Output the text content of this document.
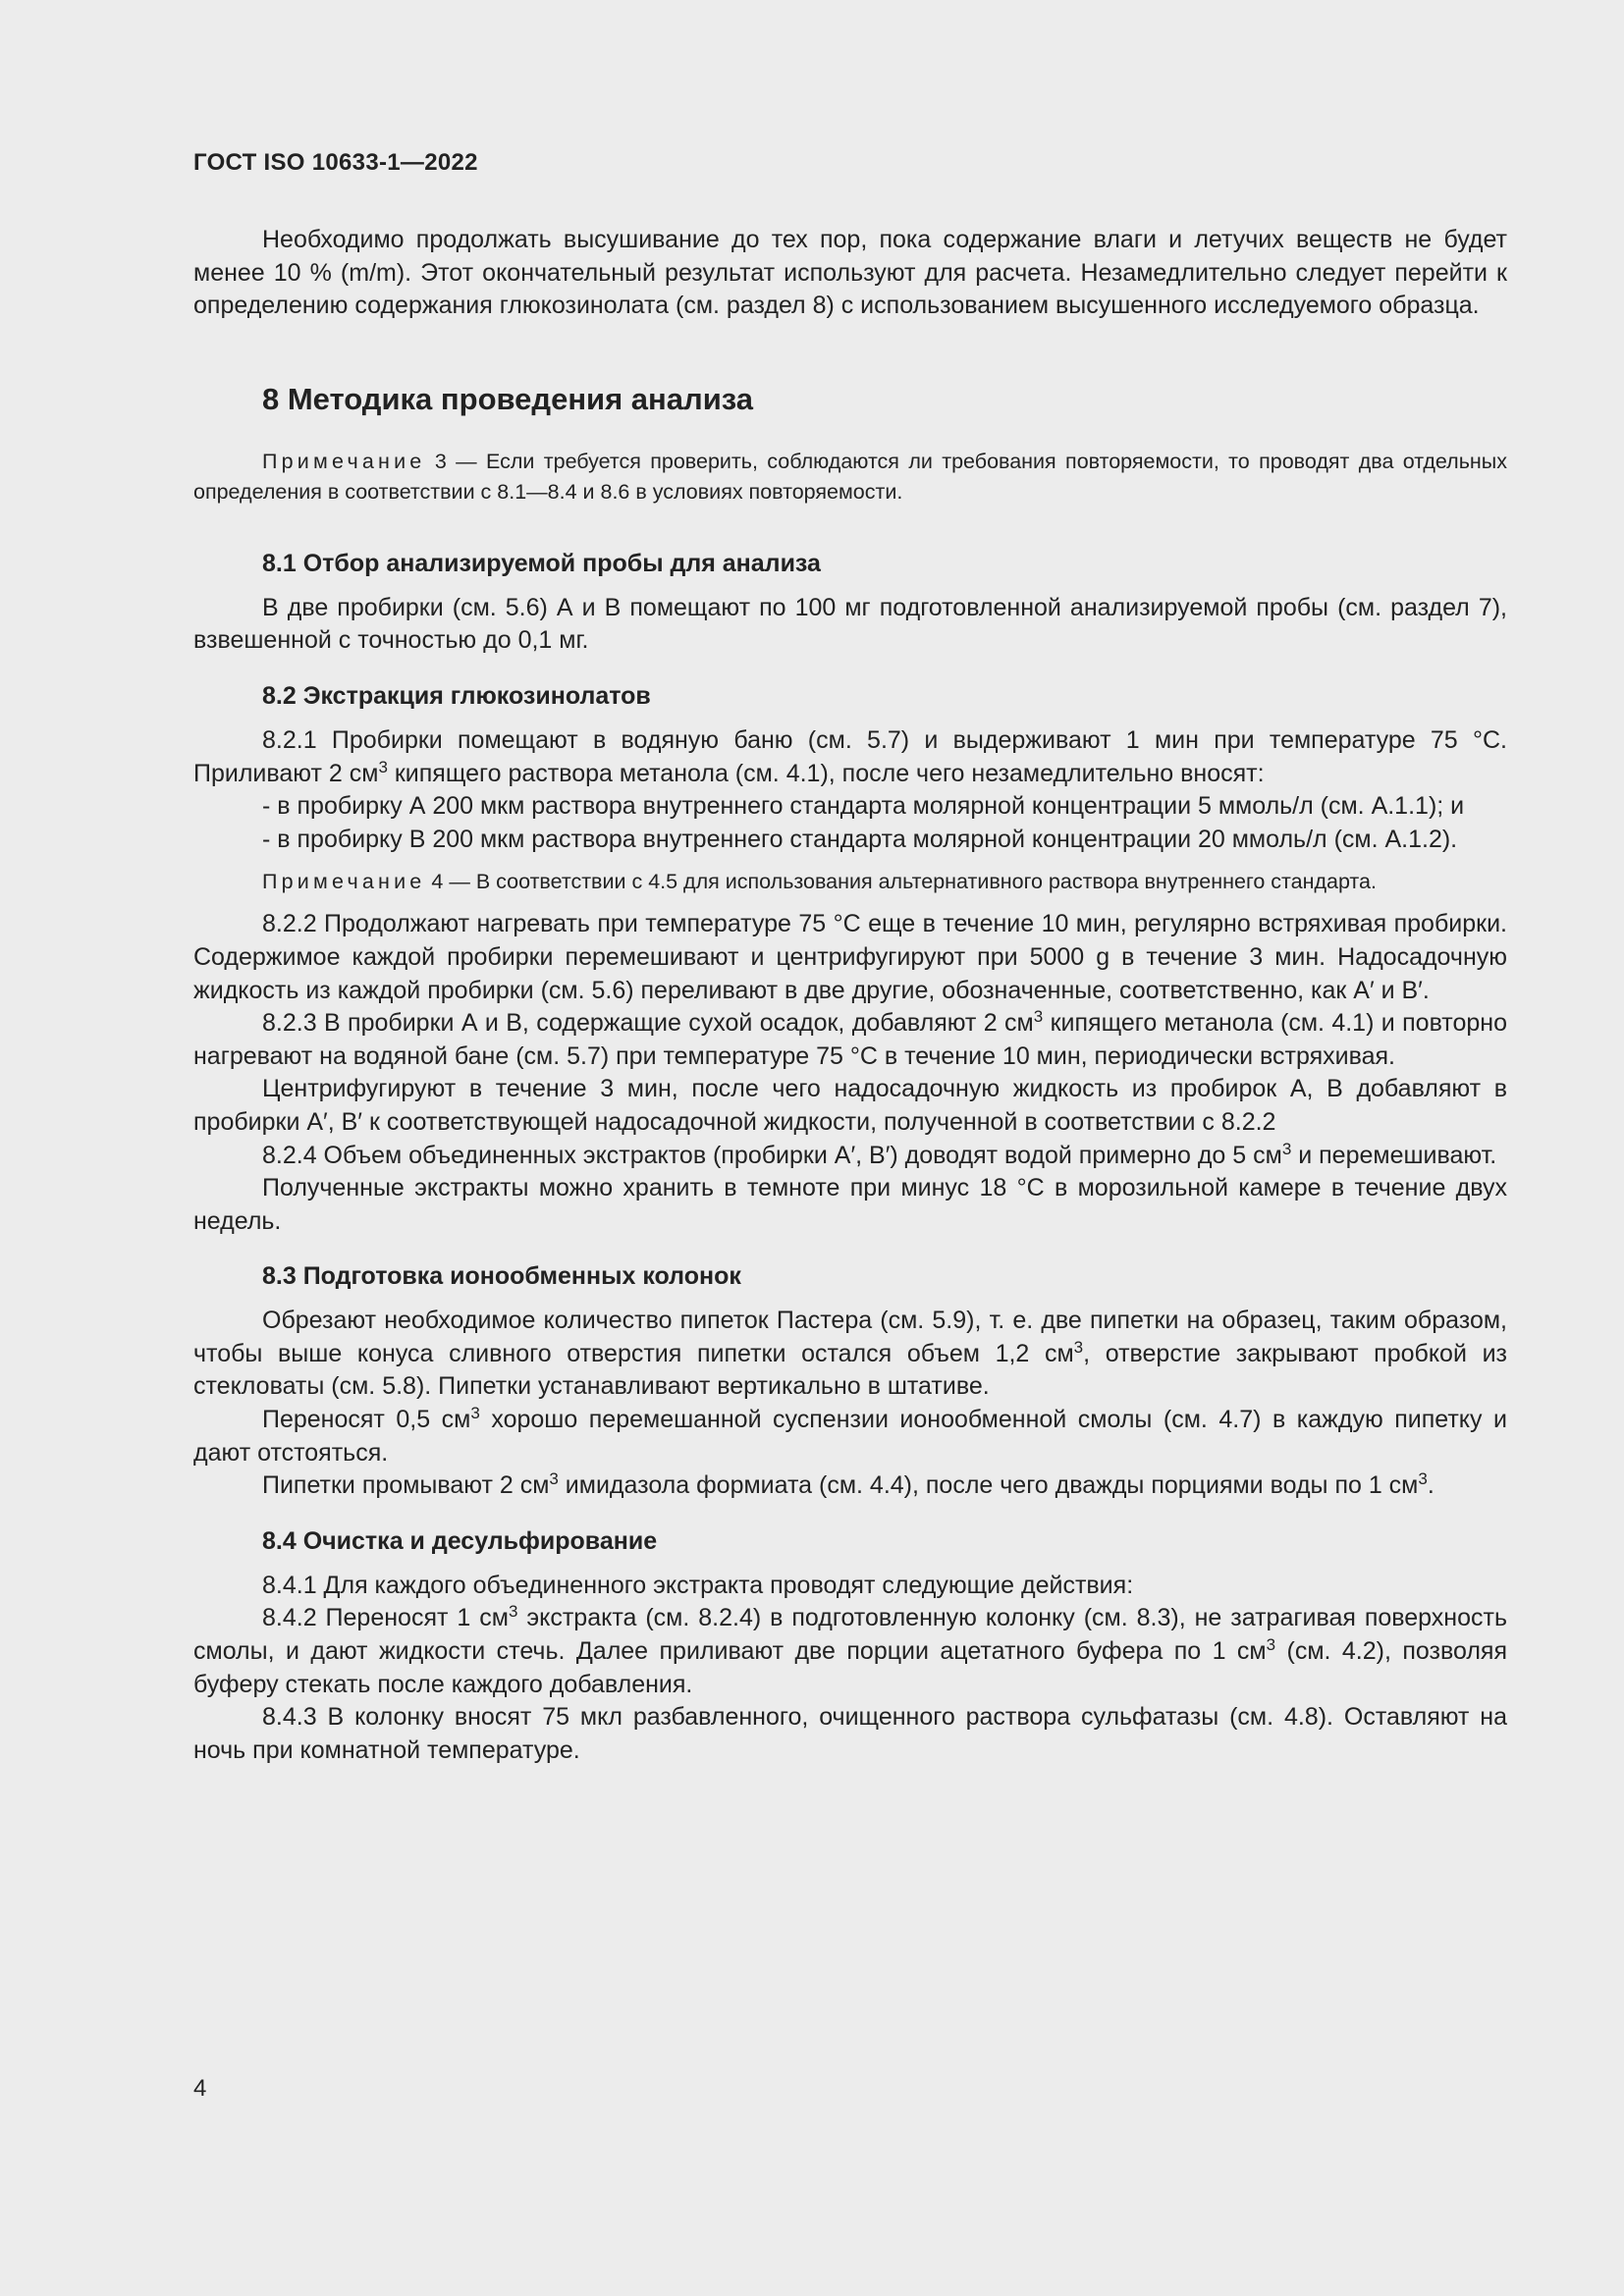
ГОСТ ISO 10633-1—2022

Необходимо продолжать высушивание до тех пор, пока содержание влаги и летучих веществ не будет менее 10 % (m/m). Этот окончательный результат используют для расчета. Незамедлительно следует перейти к определению содержания глюкозинолата (см. раздел 8) с использованием высушенного исследуемого образца.

8 Методика проведения анализа

Примечание 3 — Если требуется проверить, соблюдаются ли требования повторяемости, то проводят два отдельных определения в соответствии с 8.1—8.4 и 8.6 в условиях повторяемости.

8.1 Отбор анализируемой пробы для анализа

В две пробирки (см. 5.6) А и В помещают по 100 мг подготовленной анализируемой пробы (см. раздел 7), взвешенной с точностью до 0,1 мг.

8.2 Экстракция глюкозинолатов

8.2.1 Пробирки помещают в водяную баню (см. 5.7) и выдерживают 1 мин при температуре 75 °С. Приливают 2 $см^3$ кипящего раствора метанола (см. 4.1), после чего незамедлительно вносят:

- в пробирку А 200 мкм раствора внутреннего стандарта молярной концентрации 5 ммоль/л (см. А.1.1); и

- в пробирку В 200 мкм раствора внутреннего стандарта молярной концентрации 20 ммоль/л (см. А.1.2).

Примечание 4 — В соответствии с 4.5 для использования альтернативного раствора внутреннего стандарта.

8.2.2 Продолжают нагревать при температуре 75 °С еще в течение 10 мин, регулярно встряхивая пробирки. Содержимое каждой пробирки перемешивают и центрифугируют при 5000 g в течение 3 мин. Надосадочную жидкость из каждой пробирки (см. 5.6) переливают в две другие, обозначенные, соответственно, как А′ и В′.

8.2.3 В пробирки А и В, содержащие сухой осадок, добавляют 2 $см^3$ кипящего метанола (см. 4.1) и повторно нагревают на водяной бане (см. 5.7) при температуре 75 °С в течение 10 мин, периодически встряхивая.

Центрифугируют в течение 3 мин, после чего надосадочную жидкость из пробирок А, В добавляют в пробирки А′, В′ к соответствующей надосадочной жидкости, полученной в соответствии с 8.2.2

8.2.4 Объем объединенных экстрактов (пробирки А′, В′) доводят водой примерно до 5 $см^3$ и перемешивают.

Полученные экстракты можно хранить в темноте при минус 18 °С в морозильной камере в течение двух недель.

8.3 Подготовка ионообменных колонок

Обрезают необходимое количество пипеток Пастера (см. 5.9), т. е. две пипетки на образец, таким образом, чтобы выше конуса сливного отверстия пипетки остался объем 1,2 $см^3$, отверстие закрывают пробкой из стекловаты (см. 5.8). Пипетки устанавливают вертикально в штативе.

Переносят 0,5 $см^3$ хорошо перемешанной суспензии ионообменной смолы (см. 4.7) в каждую пипетку и дают отстояться.

Пипетки промывают 2 $см^3$ имидазола формиата (см. 4.4), после чего дважды порциями воды по 1 $см^3$.

8.4 Очистка и десульфирование

8.4.1 Для каждого объединенного экстракта проводят следующие действия:

8.4.2 Переносят 1 $см^3$ экстракта (см. 8.2.4) в подготовленную колонку (см. 8.3), не затрагивая поверхность смолы, и дают жидкости стечь. Далее приливают две порции ацетатного буфера по 1 $см^3$ (см. 4.2), позволяя буферу стекать после каждого добавления.

8.4.3 В колонку вносят 75 мкл разбавленного, очищенного раствора сульфатазы (см. 4.8). Оставляют на ночь при комнатной температуре.

4
